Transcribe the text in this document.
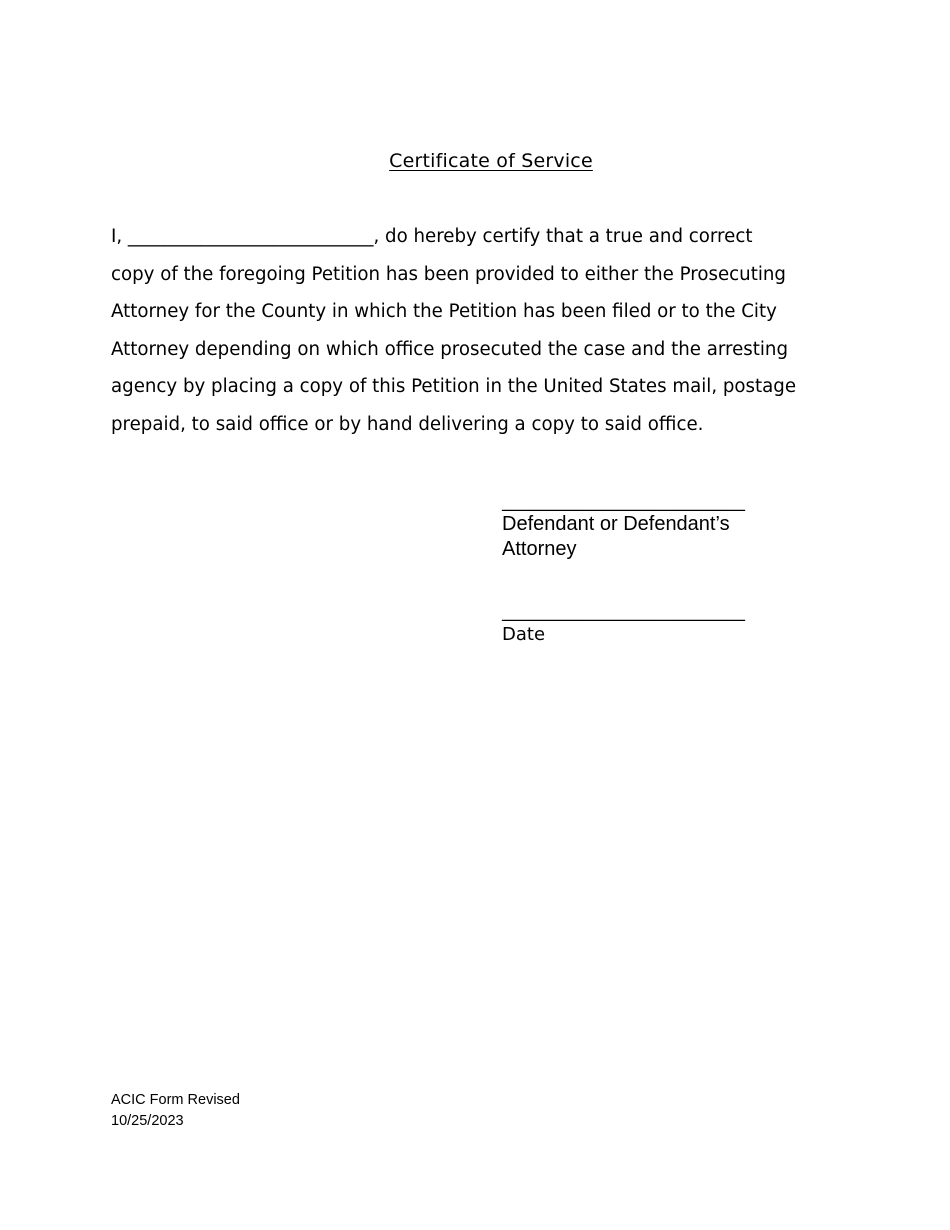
Certificate of Service

I, ___________________________, do hereby certify that a true and correct
copy of the foregoing Petition has been provided to either the Prosecuting
Attorney for the County in which the Petition has been filed or to the City
Attorney depending on which office prosecuted the case and the arresting
agency by placing a copy of this Petition in the United States mail, postage
prepaid, to said office or by hand delivering a copy to said office.

___________________________
Defendant or Defendant’s
Attorney
___________________________
Date
ACIC Form Revised
10/25/2023
